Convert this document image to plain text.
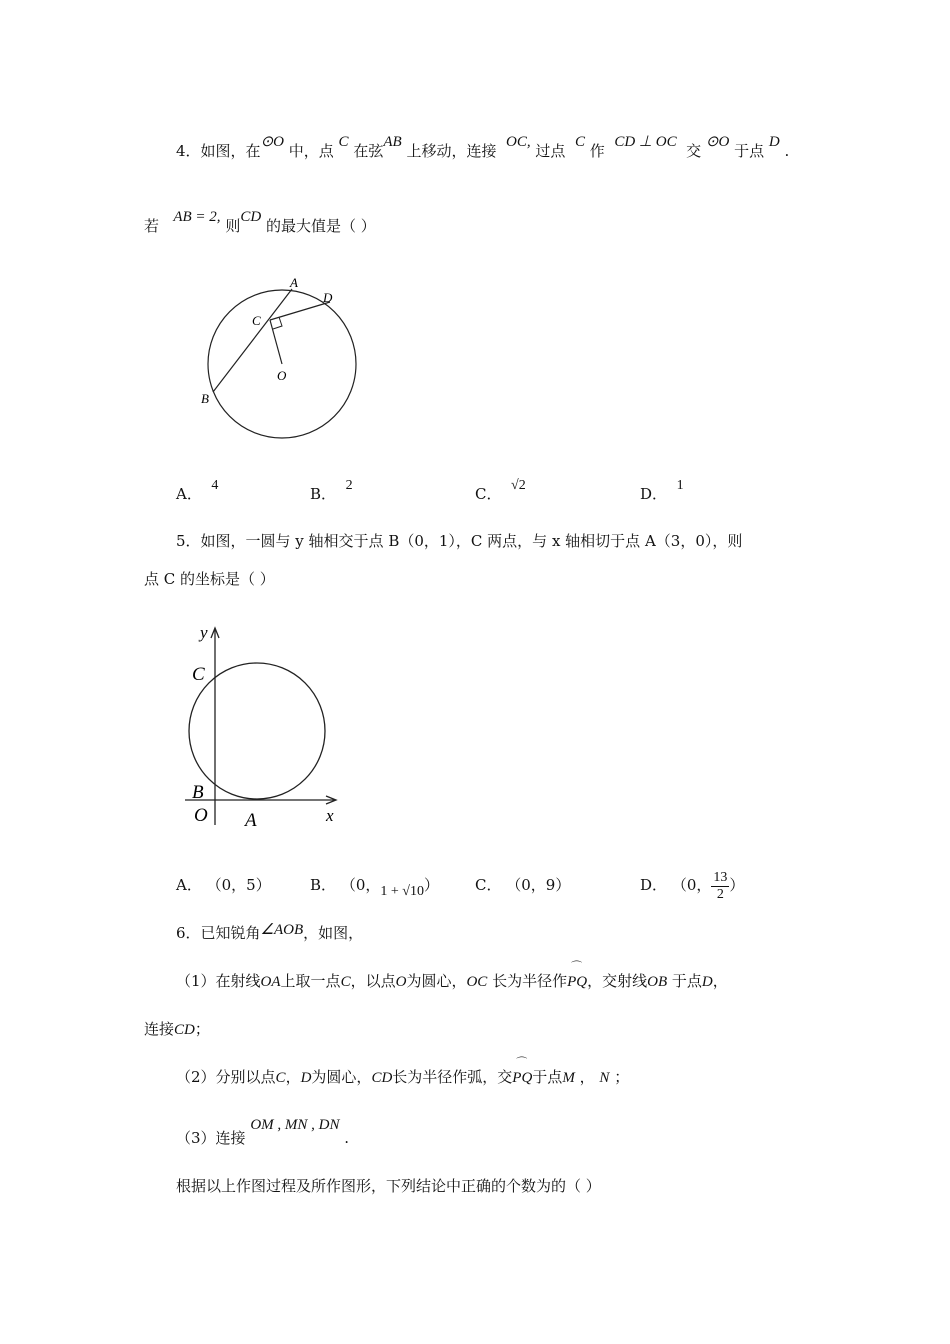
4．如图，在⊙O 中，点 C 在弦AB 上移动，连接 OC, 过点 C 作 CD ⊥ OC 交 ⊙O 于点 D .
若 AB = 2, 则CD 的最大值是（ ）
A
D
C
O
B
A． 4	B． 2	C． √2	D． 1
5．如图，一圆与 y 轴相交于点 B（0，1），C 两点，与 x 轴相切于点 A（3，0），则
点 C 的坐标是（ ）
y
C
B
O A	x
A． （0，5）	B． （0，1 + √10） C． （0，9）	D． （0， $\frac{13}{2}$ ）
6．已知锐角∠AOB，如图，
（1）在射线OA上取一点C，以点O为圆心，OC 长为半径作
⌒
PQ，交射线OB 于点D，
连接CD；
（2）分别以点C，D为圆心，CD长为半径作弧，交
⌒
PQ于点M ， N ；
（3）连接 OM , MN , DN .
根据以上作图过程及所作图形，下列结论中正确的个数为的（ ）
